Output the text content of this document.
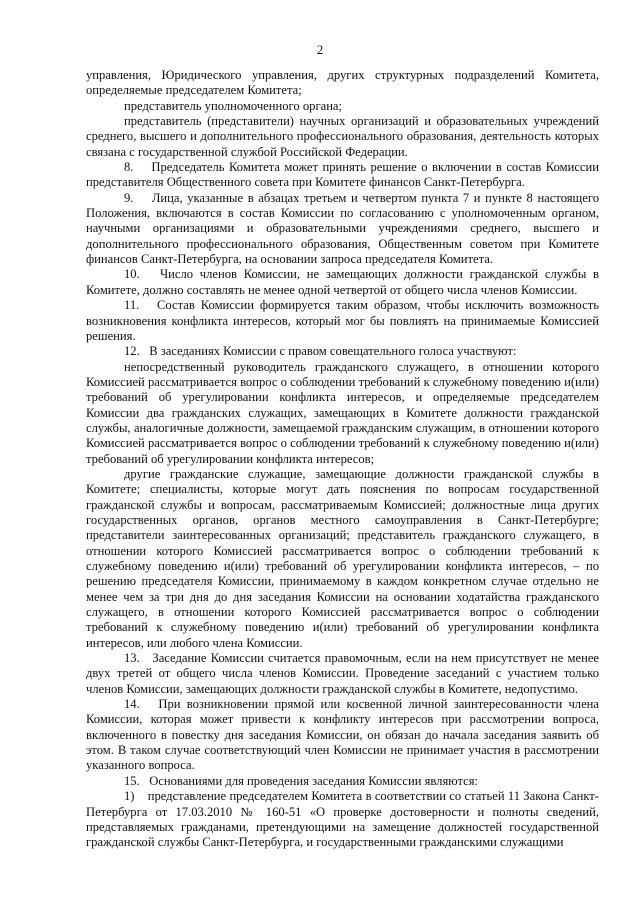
2

управления, Юридического управления, других структурных подразделений Комитета, определяемые председателем Комитета;

представитель уполномоченного органа;

представитель (представители) научных организаций и образовательных учреждений среднего, высшего и дополнительного профессионального образования, деятельность которых связана с государственной службой Российской Федерации.

8.    Председатель Комитета может принять решение о включении в состав Комиссии представителя Общественного совета при Комитете финансов Санкт-Петербурга.

9.    Лица, указанные в абзацах третьем и четвертом пункта 7 и пункте 8 настоящего Положения, включаются в состав Комиссии по согласованию с уполномоченным органом, научными организациями и образовательными учреждениями среднего, высшего и дополнительного профессионального образования, Общественным советом при Комитете финансов Санкт-Петербурга, на основании запроса председателя Комитета.

10.   Число членов Комиссии, не замещающих должности гражданской службы в Комитете, должно составлять не менее одной четвертой от общего числа членов Комиссии.

11.   Состав Комиссии формируется таким образом, чтобы исключить возможность возникновения конфликта интересов, который мог бы повлиять на принимаемые Комиссией решения.

12.   В заседаниях Комиссии с правом совещательного голоса участвуют:

непосредственный руководитель гражданского служащего, в отношении которого Комиссией рассматривается вопрос о соблюдении требований к служебному поведению и(или) требований об урегулировании конфликта интересов, и определяемые председателем Комиссии два гражданских служащих, замещающих в Комитете должности гражданской службы, аналогичные должности, замещаемой гражданским служащим, в отношении которого Комиссией рассматривается вопрос о соблюдении требований к служебному поведению и(или) требований об урегулировании конфликта интересов;

другие гражданские служащие, замещающие должности гражданской службы в Комитете; специалисты, которые могут дать пояснения по вопросам государственной гражданской службы и вопросам, рассматриваемым Комиссией; должностные лица других государственных органов, органов местного самоуправления в Санкт-Петербурге; представители заинтересованных организаций; представитель гражданского служащего, в отношении которого Комиссией рассматривается вопрос о соблюдении требований к служебному поведению и(или) требований об урегулировании конфликта интересов, – по решению председателя Комиссии, принимаемому в каждом конкретном случае отдельно не менее чем за три дня до дня заседания Комиссии на основании ходатайства гражданского служащего, в отношении которого Комиссией рассматривается вопрос о соблюдении требований к служебному поведению и(или) требований об урегулировании конфликта интересов, или любого члена Комиссии.

13.   Заседание Комиссии считается правомочным, если на нем присутствует не менее двух третей от общего числа членов Комиссии. Проведение заседаний с участием только членов Комиссии, замещающих должности гражданской службы в Комитете, недопустимо.

14.   При возникновении прямой или косвенной личной заинтересованности члена Комиссии, которая может привести к конфликту интересов при рассмотрении вопроса, включенного в повестку дня заседания Комиссии, он обязан до начала заседания заявить об этом. В таком случае соответствующий член Комиссии не принимает участия в рассмотрении указанного вопроса.

15.   Основаниями для проведения заседания Комиссии являются:

1)    представление председателем Комитета в соответствии со статьей 11 Закона Санкт-Петербурга от 17.03.2010 № 160-51 «О проверке достоверности и полноты сведений, представляемых гражданами, претендующими на замещение должностей государственной гражданской службы Санкт-Петербурга, и государственными гражданскими служащими
